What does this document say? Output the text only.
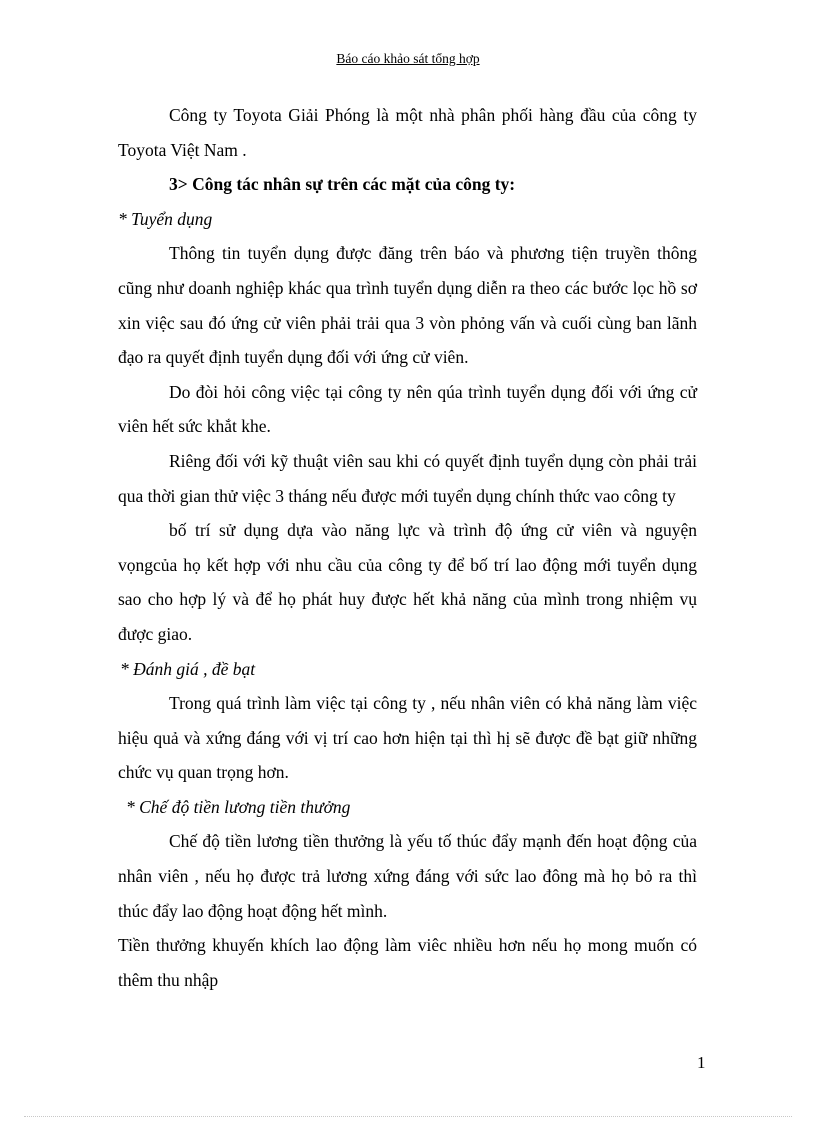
Báo cáo khảo sát tổng hợp

Công ty Toyota Giải Phóng là một nhà phân phối hàng đầu của công ty Toyota Việt Nam .

3> Công tác nhân sự trên các mặt của công ty:

* Tuyển dụng

Thông tin tuyển dụng được đăng trên báo và phương tiện truyền thông cũng như doanh nghiệp khác qua trình tuyển dụng diễn ra theo các bước lọc hồ sơ xin việc sau đó ứng cử viên phải trải qua 3 vòn phỏng vấn và cuối cùng ban lãnh đạo ra quyết định tuyển dụng đối với ứng cử viên.

Do đòi hỏi công việc tại công ty nên qúa trình tuyển dụng đối với ứng cử viên hết sức khắt khe.

Riêng đối với kỹ thuật viên sau khi có quyết định tuyển dụng còn phải trải qua thời gian thử việc 3 tháng nếu được mới tuyển dụng chính thức vao công ty

bố trí sử dụng dựa vào năng lực và trình độ ứng cử viên và nguyện vọngcủa họ kết hợp với nhu cầu của công ty để bố trí lao động mới tuyển dụng sao cho hợp lý và để họ phát huy được hết khả năng của mình trong nhiệm vụ được giao.

* Đánh giá , đề bạt

Trong quá trình làm việc tại công ty , nếu nhân viên có khả năng làm việc hiệu quả và xứng đáng với vị trí cao hơn hiện tại thì hị sẽ được đề bạt giữ những chức vụ quan trọng hơn.

* Chế độ tiền lương tiền thưởng

Chế độ tiền lương tiền thưởng là yếu tố thúc đẩy mạnh đến hoạt động của nhân viên , nếu họ được trả lương xứng đáng với sức lao đông mà họ bỏ ra thì thúc đẩy lao động hoạt động hết mình.

Tiền thưởng khuyến khích lao động làm viêc nhiều hơn nếu họ mong muốn có thêm thu nhập

1
